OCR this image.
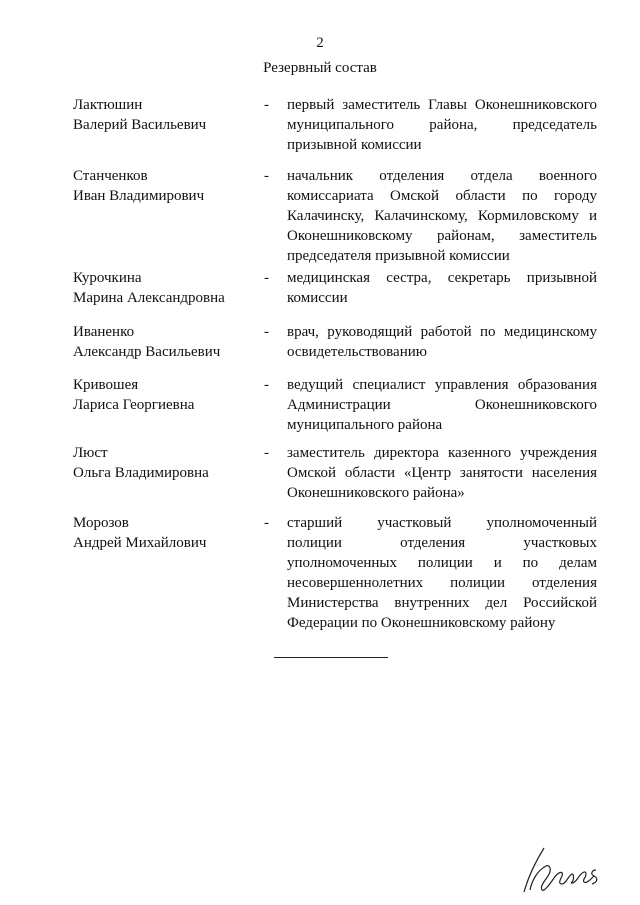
2
Резервный состав
Лактюшин
Валерий Васильевич
- первый заместитель Главы Оконешниковского
муниципального района, председатель
призывной комиссии
Станченков
Иван Владимирович
- начальник отделения отдела военного
комиссариата Омской области по городу
Калачинску, Калачинскому, Кормиловскому и
Оконешниковскому районам, заместитель
председателя призывной комиссии
Курочкина
Марина Александровна
- медицинская сестра, секретарь призывной
комиссии
Иваненко
Александр Васильевич
- врач, руководящий работой по медицинскому
освидетельствованию
Кривошея
Лариса Георгиевна
- ведущий специалист управления образования
Администрации Оконешниковского
муниципального района
Люст
Ольга Владимировна
- заместитель директора казенного учреждения
Омской области «Центр занятости населения
Оконешниковского района»
Морозов
Андрей Михайлович
- старший участковый уполномоченный
полиции отделения участковых
уполномоченных полиции и по делам
несовершеннолетних полиции отделения
Министерства внутренних дел Российской
Федерации по Оконешниковскому району
